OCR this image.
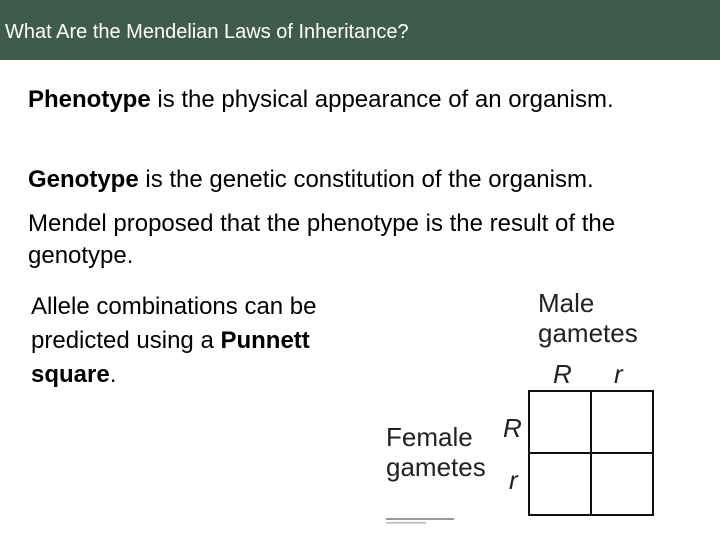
What Are the Mendelian Laws of Inheritance?
Phenotype is the physical appearance of an organism.
Genotype is the genetic constitution of the organism.
Mendel proposed that the phenotype is the result of the genotype.
Allele combinations can be predicted using a Punnett square.
Male
gametes
R r
Female
gametes
R
r
